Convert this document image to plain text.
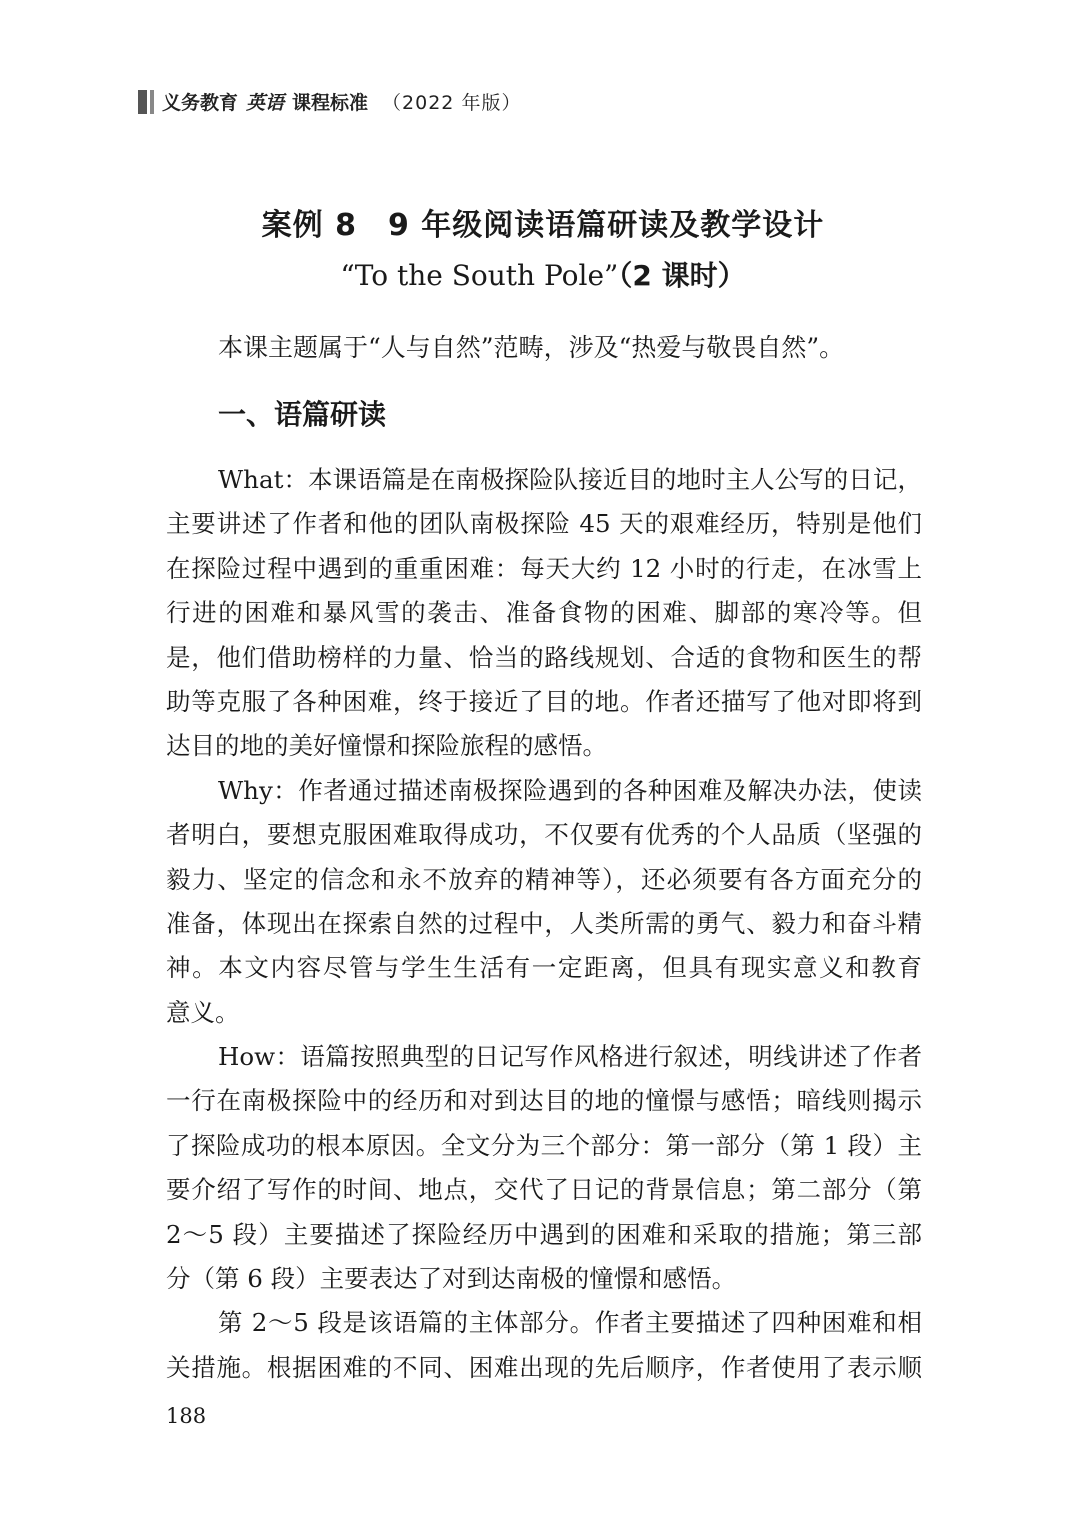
义务教育 英语 课程标准 （2022 年版）
案例 8　9 年级阅读语篇研读及教学设计
“To the South Pole”（2 课时）
本课主题属于“人与自然”范畴，涉及“热爱与敬畏自然”。
一、语篇研读
What：本课语篇是在南极探险队接近目的地时主人公写的日记，
主要讲述了作者和他的团队南极探险 45 天的艰难经历，特别是他们
在探险过程中遇到的重重困难：每天大约 12 小时的行走，在冰雪上
行进的困难和暴风雪的袭击、准备食物的困难、脚部的寒冷等。但
是，他们借助榜样的力量、恰当的路线规划、合适的食物和医生的帮
助等克服了各种困难，终于接近了目的地。作者还描写了他对即将到
达目的地的美好憧憬和探险旅程的感悟。
Why：作者通过描述南极探险遇到的各种困难及解决办法，使读
者明白，要想克服困难取得成功，不仅要有优秀的个人品质（坚强的
毅力、坚定的信念和永不放弃的精神等），还必须要有各方面充分的
准备，体现出在探索自然的过程中，人类所需的勇气、毅力和奋斗精
神。本文内容尽管与学生生活有一定距离，但具有现实意义和教育
意义。
How：语篇按照典型的日记写作风格进行叙述，明线讲述了作者
一行在南极探险中的经历和对到达目的地的憧憬与感悟；暗线则揭示
了探险成功的根本原因。全文分为三个部分：第一部分（第 1 段）主
要介绍了写作的时间、地点，交代了日记的背景信息；第二部分（第
2～5 段）主要描述了探险经历中遇到的困难和采取的措施；第三部
分（第 6 段）主要表达了对到达南极的憧憬和感悟。
第 2～5 段是该语篇的主体部分。作者主要描述了四种困难和相
关措施。根据困难的不同、困难出现的先后顺序，作者使用了表示顺
188
